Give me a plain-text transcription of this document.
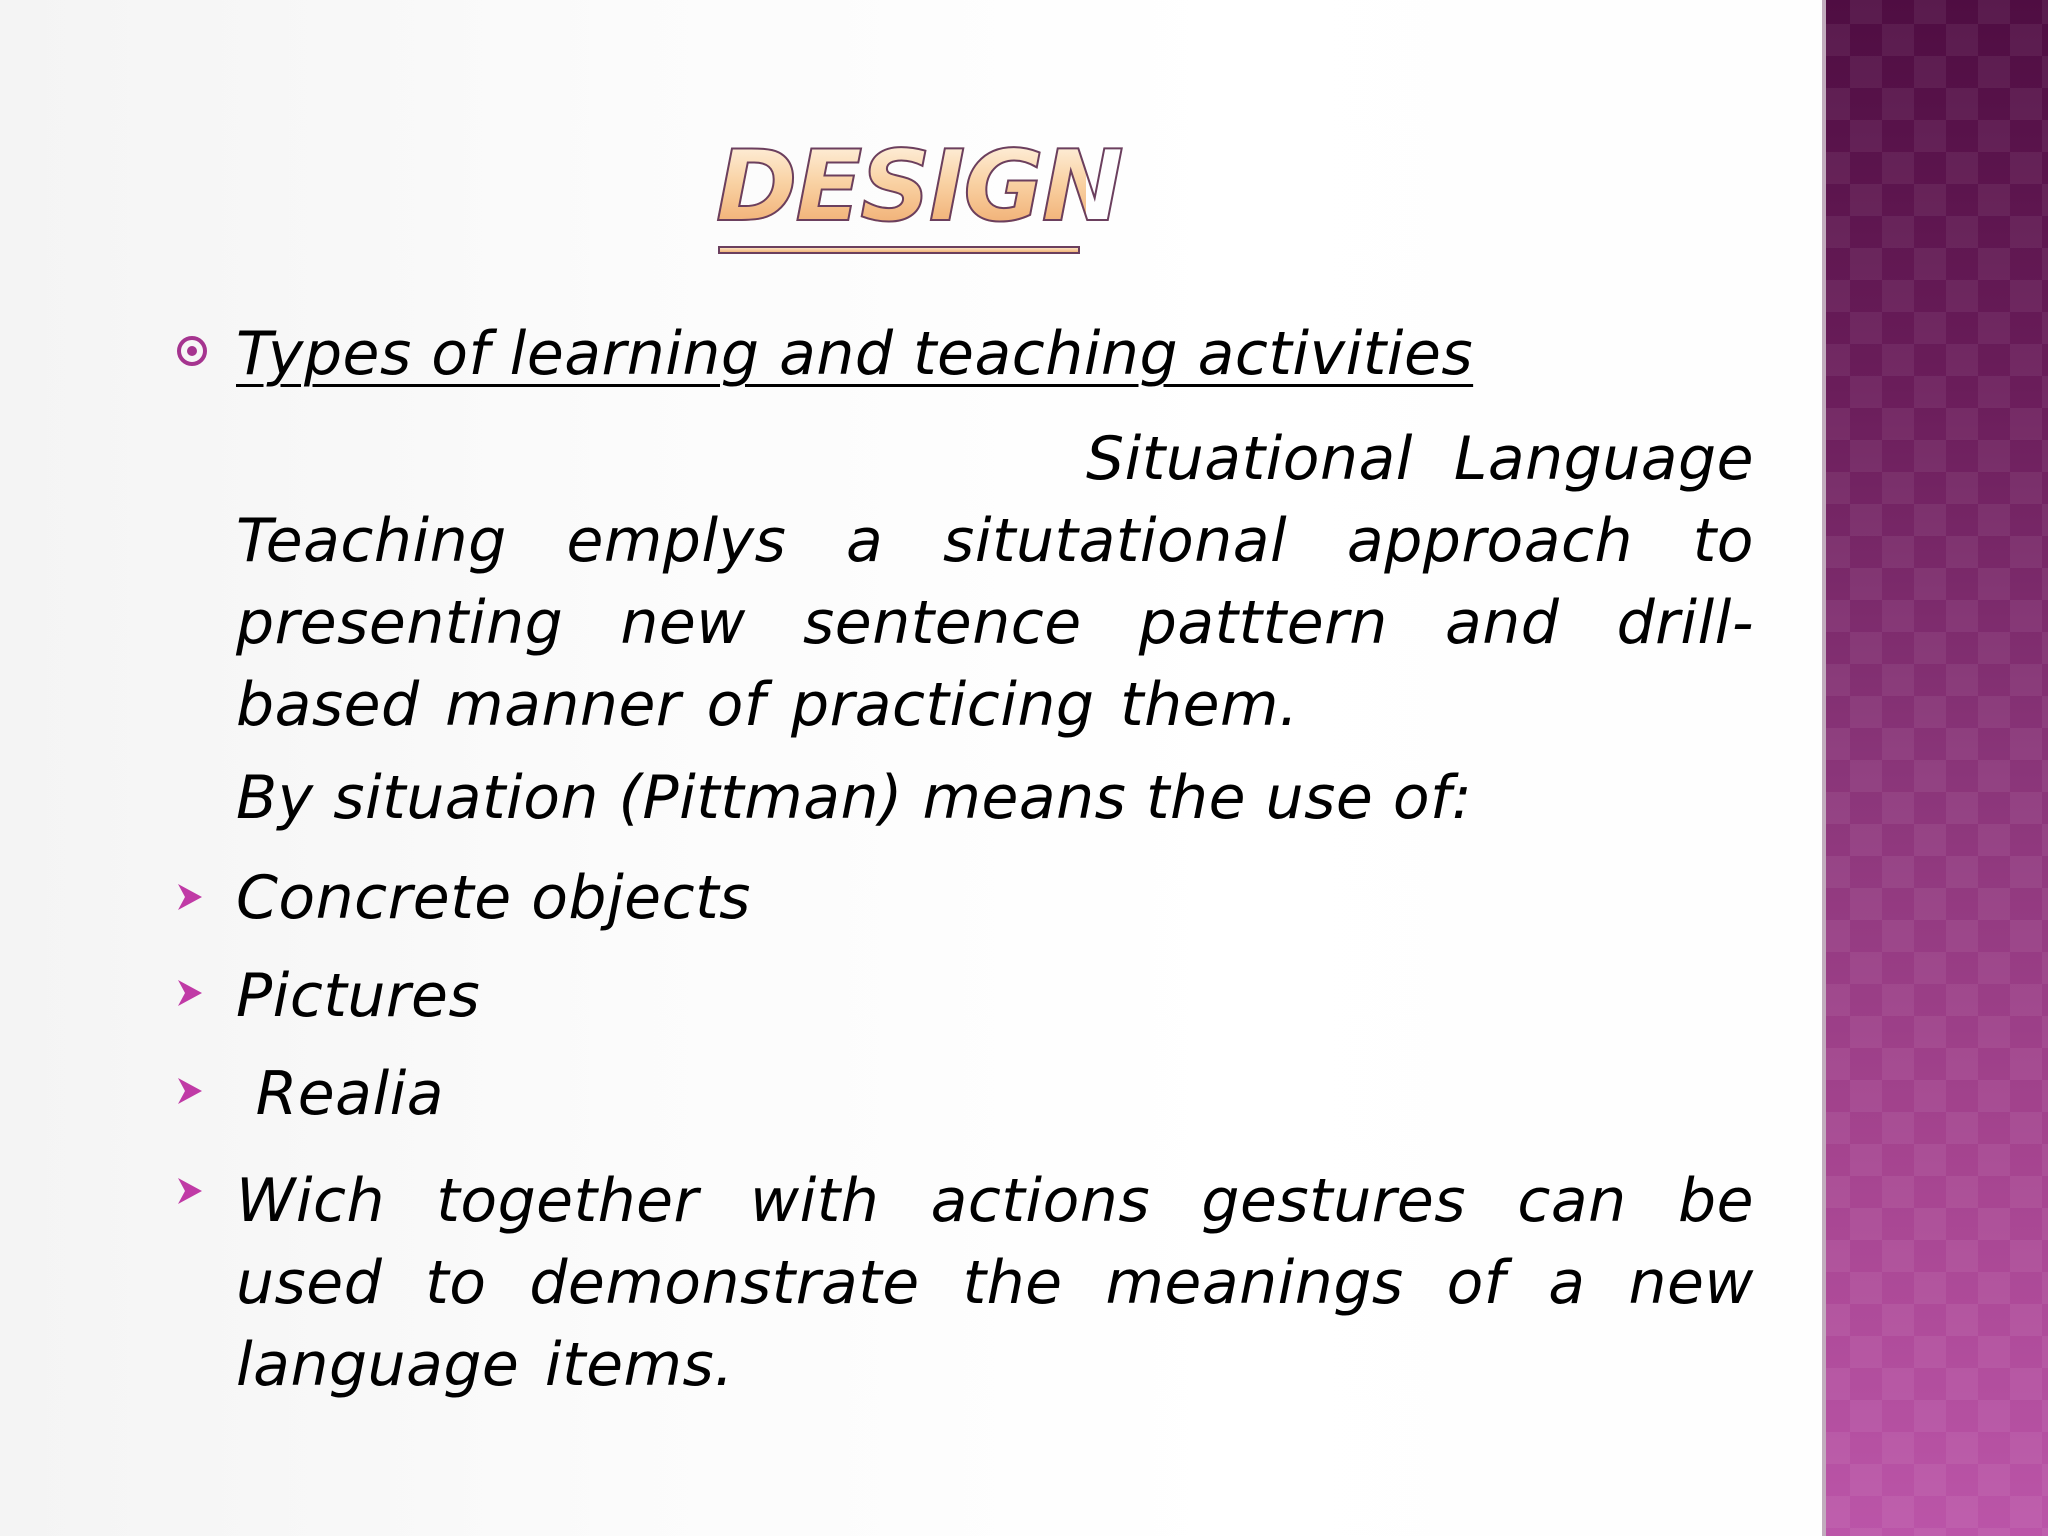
DESIGN
Types of learning and teaching activities
Situational Language Teaching emplys a situtational approach to presenting new sentence patttern and drill-based manner of practicing them.
By situation (Pittman) means the use of:
Concrete objects
Pictures
Realia
Wich together with actions gestures can be used to demonstrate the meanings of a new language items.
